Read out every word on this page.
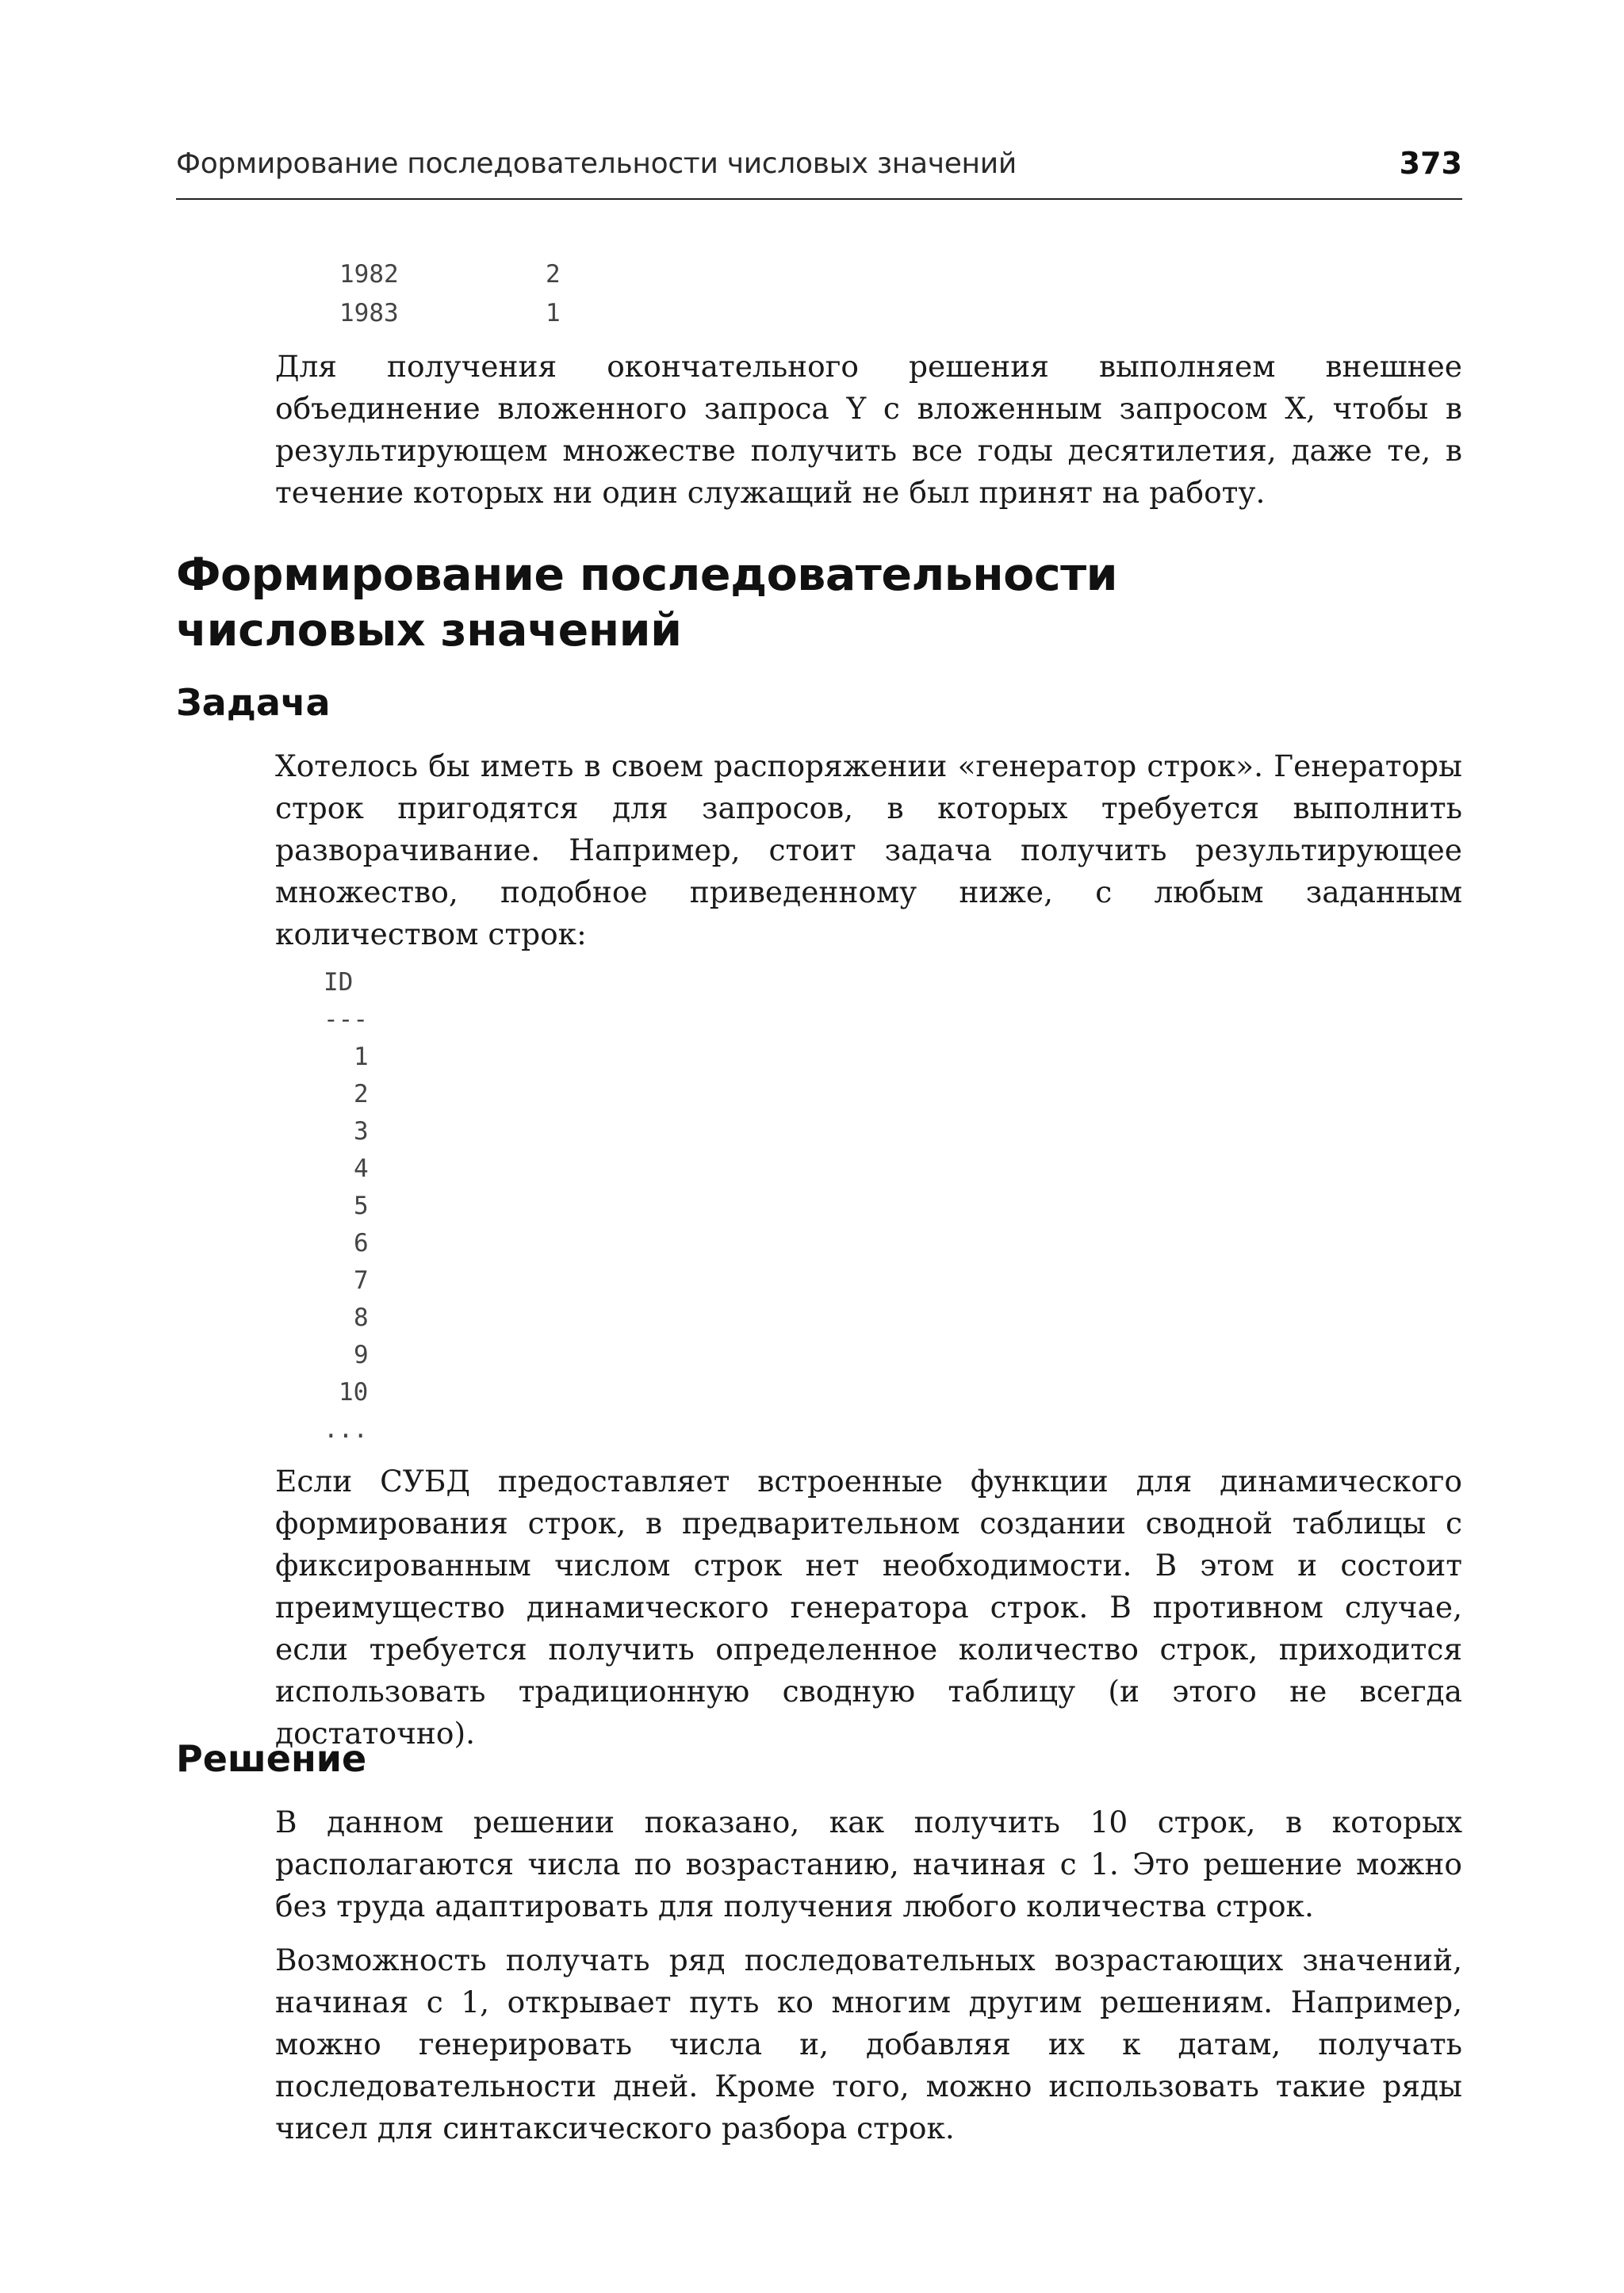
Формирование последовательности числовых значений	373
1982	2
1983	1

Для получения окончательного решения выполняем внешнее объединение вложенного запроса Y с вложенным запросом X, чтобы в результирующем множестве получить все годы десятилетия, даже те, в течение которых ни один служащий не был принят на работу.

Формирование последовательности
числовых значений
Задача

Хотелось бы иметь в своем распоряжении «генератор строк». Генераторы строк пригодятся для запросов, в которых требуется выполнить разворачивание. Например, стоит задача получить результирующее множество, подобное приведенному ниже, с любым заданным количеством строк:

ID
---
1
2
3
4
5
6
7
8
9
10
...

Если СУБД предоставляет встроенные функции для динамического формирования строк, в предварительном создании сводной таблицы с фиксированным числом строк нет необходимости. В этом и состоит преимущество динамического генератора строк. В противном случае, если требуется получить определенное количество строк, приходится использовать традиционную сводную таблицу (и этого не всегда достаточно).

Решение

В данном решении показано, как получить 10 строк, в которых располагаются числа по возрастанию, начиная с 1. Это решение можно без труда адаптировать для получения любого количества строк.

Возможность получать ряд последовательных возрастающих значений, начиная с 1, открывает путь ко многим другим решениям. Например, можно генерировать числа и, добавляя их к датам, получать последовательности дней. Кроме того, можно использовать такие ряды чисел для синтаксического разбора строк.
